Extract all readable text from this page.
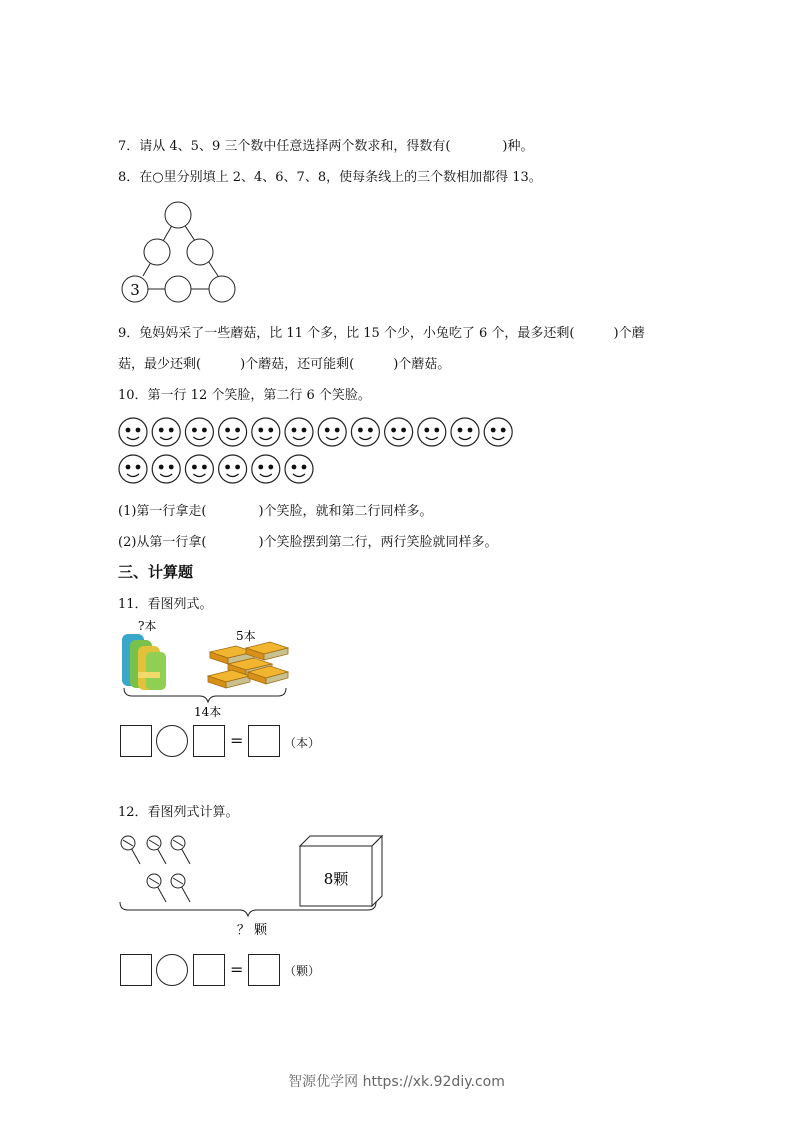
7．请从 4、5、9 三个数中任意选择两个数求和，得数有(　　　　)种。
8．在○里分别填上 2、4、6、7、8，使每条线上的三个数相加都得 13。
3
9．兔妈妈采了一些蘑菇，比 11 个多，比 15 个少，小兔吃了 6 个，最多还剩(　　　)个蘑
菇，最少还剩(　　　)个蘑菇，还可能剩(　　　)个蘑菇。
10．第一行 12 个笑脸，第二行 6 个笑脸。
(1)第一行拿走(　　　　)个笑脸，就和第二行同样多。
(2)从第一行拿(　　　　)个笑脸摆到第二行，两行笑脸就同样多。
三、计算题
11．看图列式。
?本
5本
14本
=	（本）
12．看图列式计算。
8颗
？ 颗
=	（颗）
智源优学网 https://xk.92diy.com
